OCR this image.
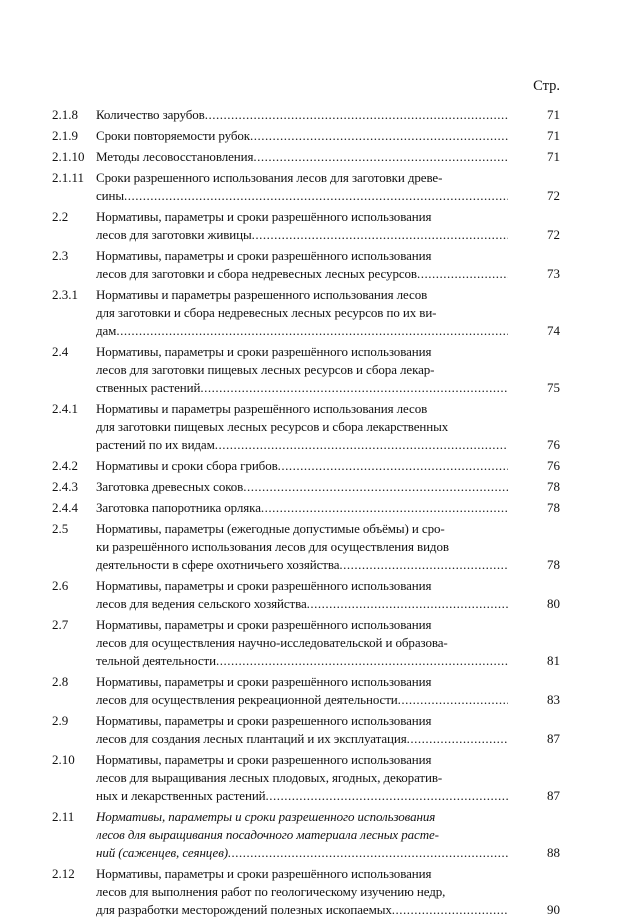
Стр.
2.1.8	Количество зарубов .....	71
2.1.9	Сроки повторяемости рубок .....	71
2.1.10 Методы лесовосстановления .....	71
2.1.11 Сроки разрешенного использования лесов для заготовки древе-
сины .....	72
2.2	Нормативы, параметры и сроки разрешённого использования
лесов для заготовки живицы .....	72
2.3	Нормативы, параметры и сроки разрешённого использования
лесов для заготовки и сбора недревесных лесных ресурсов .....	73
2.3.1	Нормативы и параметры разрешенного использования лесов
для заготовки и сбора недревесных лесных ресурсов по их ви-
дам .....	74
2.4	Нормативы, параметры и сроки разрешённого использования
лесов для заготовки пищевых лесных ресурсов и сбора лекар-
ственных растений .....	75
2.4.1	Нормативы и параметры разрешённого использования лесов
для заготовки пищевых лесных ресурсов и сбора лекарственных
растений по их видам .....	76
2.4.2	Нормативы и сроки сбора грибов .....	76
2.4.3	Заготовка древесных соков .....	78
2.4.4	Заготовка папоротника орляка .....	78
2.5	Нормативы, параметры (ежегодные допустимые объёмы) и сро-
ки разрешённого использования лесов для осуществления видов
деятельности в сфере охотничьего хозяйства .....	78
2.6	Нормативы, параметры и сроки разрешённого использования
лесов для ведения сельского хозяйства .....	80
2.7	Нормативы, параметры и сроки разрешённого использования
лесов для осуществления научно-исследовательской и образова-
тельной деятельности .....	81
2.8	Нормативы, параметры и сроки разрешённого использования
лесов для осуществления рекреационной деятельности .....	83
2.9	Нормативы, параметры и сроки разрешенного использования
лесов для создания лесных плантаций и их эксплуатация .....	87
2.10	Нормативы, параметры и сроки разрешенного использования
лесов для выращивания лесных плодовых, ягодных, декоратив-
ных и лекарственных растений .....	87
2.11	Нормативы, параметры и сроки разрешенного использования
лесов для выращивания посадочного материала лесных расте-
ний (саженцев, сеянцев) .....	88
2.12	Нормативы, параметры и сроки разрешённого использования
лесов для выполнения работ по геологическому изучению недр,
для разработки месторождений полезных ископаемых .....	90
